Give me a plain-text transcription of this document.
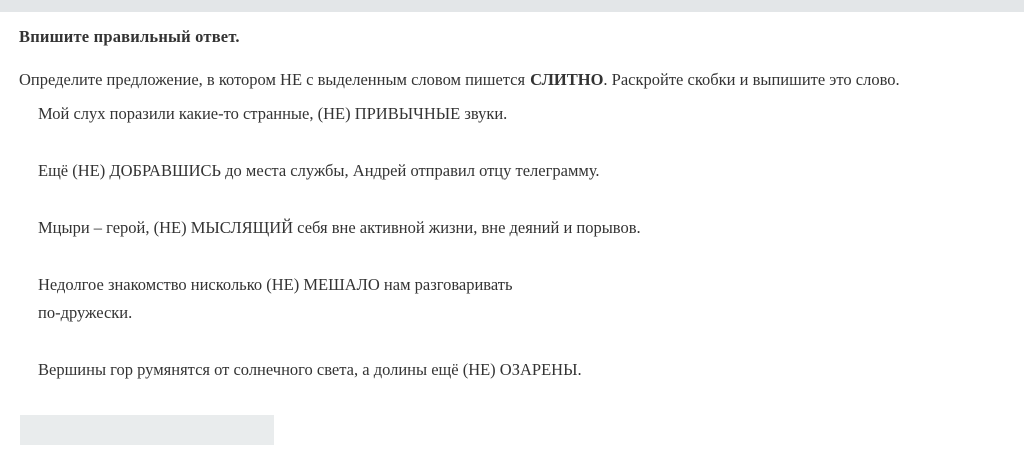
Впишите правильный ответ.

Определите предложение, в котором НЕ с выделенным словом пишется СЛИТНО. Раскройте скобки и выпишите это слово.

Мой слух поразили какие-то странные, (НЕ) ПРИВЫЧНЫЕ звуки.
Ещё (НЕ) ДОБРАВШИСЬ до места службы, Андрей отправил отцу телеграмму.
Мцыри – герой, (НЕ) МЫСЛЯЩИЙ себя вне активной жизни, вне деяний и порывов.
Недолгое знакомство нисколько (НЕ) МЕШАЛО нам разговаривать
по-дружески.
Вершины гор румянятся от солнечного света, а долины ещё (НЕ) ОЗАРЕНЫ.
